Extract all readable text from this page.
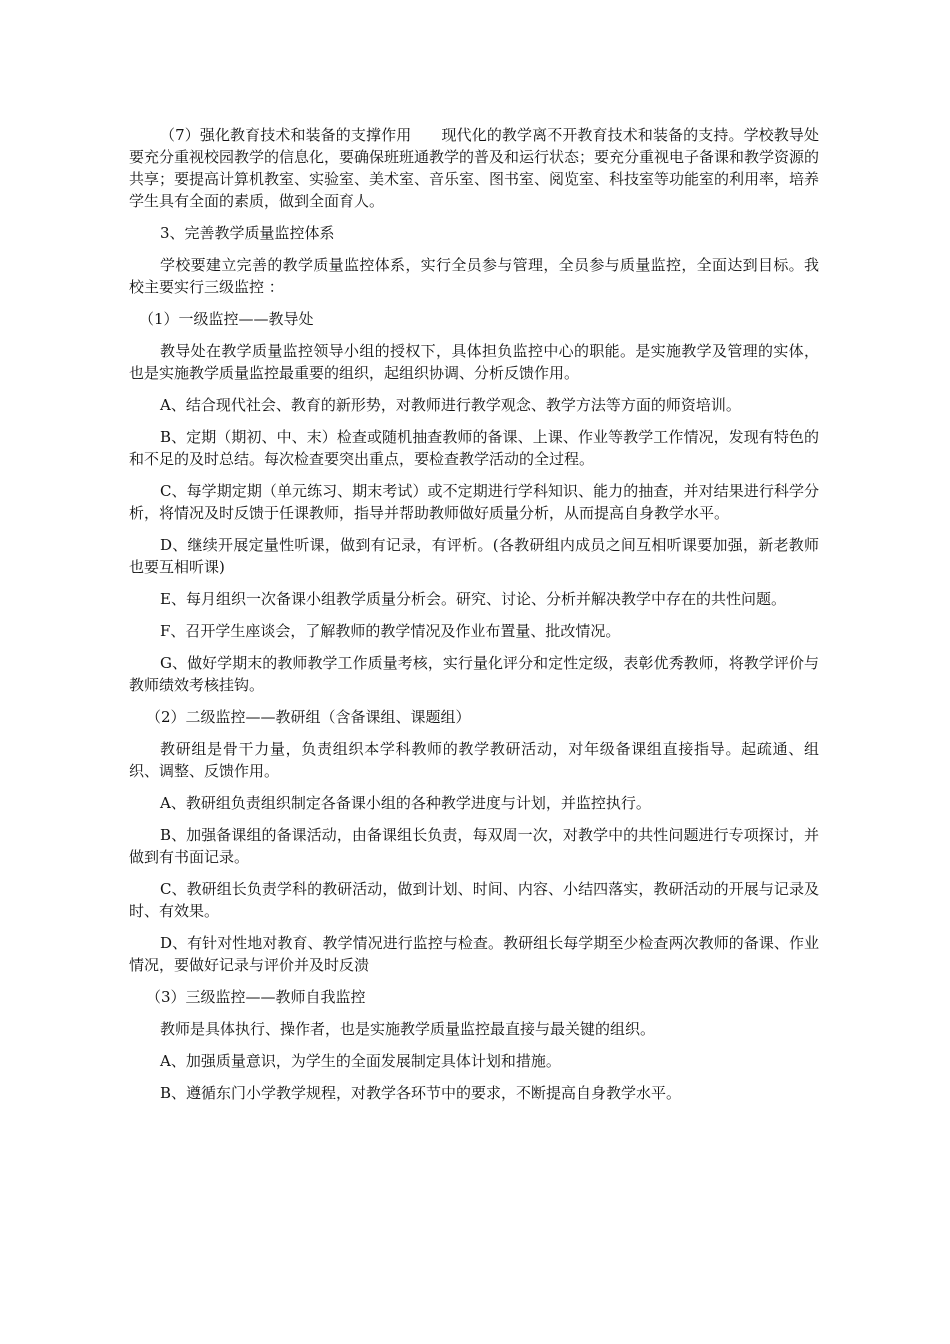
（7）强化教育技术和装备的支撑作用　　现代化的教学离不开教育技术和装备的支持。学校教导处要充分重视校园教学的信息化，要确保班班通教学的普及和运行状态；要充分重视电子备课和教学资源的共享；要提高计算机教室、实验室、美术室、音乐室、图书室、阅览室、科技室等功能室的利用率，培养学生具有全面的素质，做到全面育人。

3、完善教学质量监控体系

学校要建立完善的教学质量监控体系，实行全员参与管理，全员参与质量监控，全面达到目标。我校主要实行三级监控 ：

（1）一级监控——教导处

教导处在教学质量监控领导小组的授权下，具体担负监控中心的职能。是实施教学及管理的实体，也是实施教学质量监控最重要的组织，起组织协调、分析反馈作用。

A、结合现代社会、教育的新形势，对教师进行教学观念、教学方法等方面的师资培训。

B、定期（期初、中、末）检查或随机抽查教师的备课、上课、作业等教学工作情况，发现有特色的和不足的及时总结。每次检查要突出重点，要检查教学活动的全过程。

C、每学期定期（单元练习、期末考试）或不定期进行学科知识、能力的抽查，并对结果进行科学分析，将情况及时反馈于任课教师，指导并帮助教师做好质量分析，从而提高自身教学水平。

D、继续开展定量性听课，做到有记录，有评析。(各教研组内成员之间互相听课要加强，新老教师也要互相听课)

E、每月组织一次备课小组教学质量分析会。研究、讨论、分析并解决教学中存在的共性问题。

F、召开学生座谈会，了解教师的教学情况及作业布置量、批改情况。

G、做好学期末的教师教学工作质量考核，实行量化评分和定性定级，表彰优秀教师，将教学评价与教师绩效考核挂钩。

（2）二级监控——教研组（含备课组、课题组）

教研组是骨干力量，负责组织本学科教师的教学教研活动，对年级备课组直接指导。起疏通、组织、调整、反馈作用。

A、教研组负责组织制定各备课小组的各种教学进度与计划，并监控执行。

B、加强备课组的备课活动，由备课组长负责，每双周一次，对教学中的共性问题进行专项探讨，并做到有书面记录。

C、教研组长负责学科的教研活动，做到计划、时间、内容、小结四落实，教研活动的开展与记录及时、有效果。

D、有针对性地对教育、教学情况进行监控与检查。教研组长每学期至少检查两次教师的备课、作业情况，要做好记录与评价并及时反溃

（3）三级监控——教师自我监控

教师是具体执行、操作者，也是实施教学质量监控最直接与最关键的组织。

A、加强质量意识，为学生的全面发展制定具体计划和措施。

B、遵循东门小学教学规程，对教学各环节中的要求，不断提高自身教学水平。
